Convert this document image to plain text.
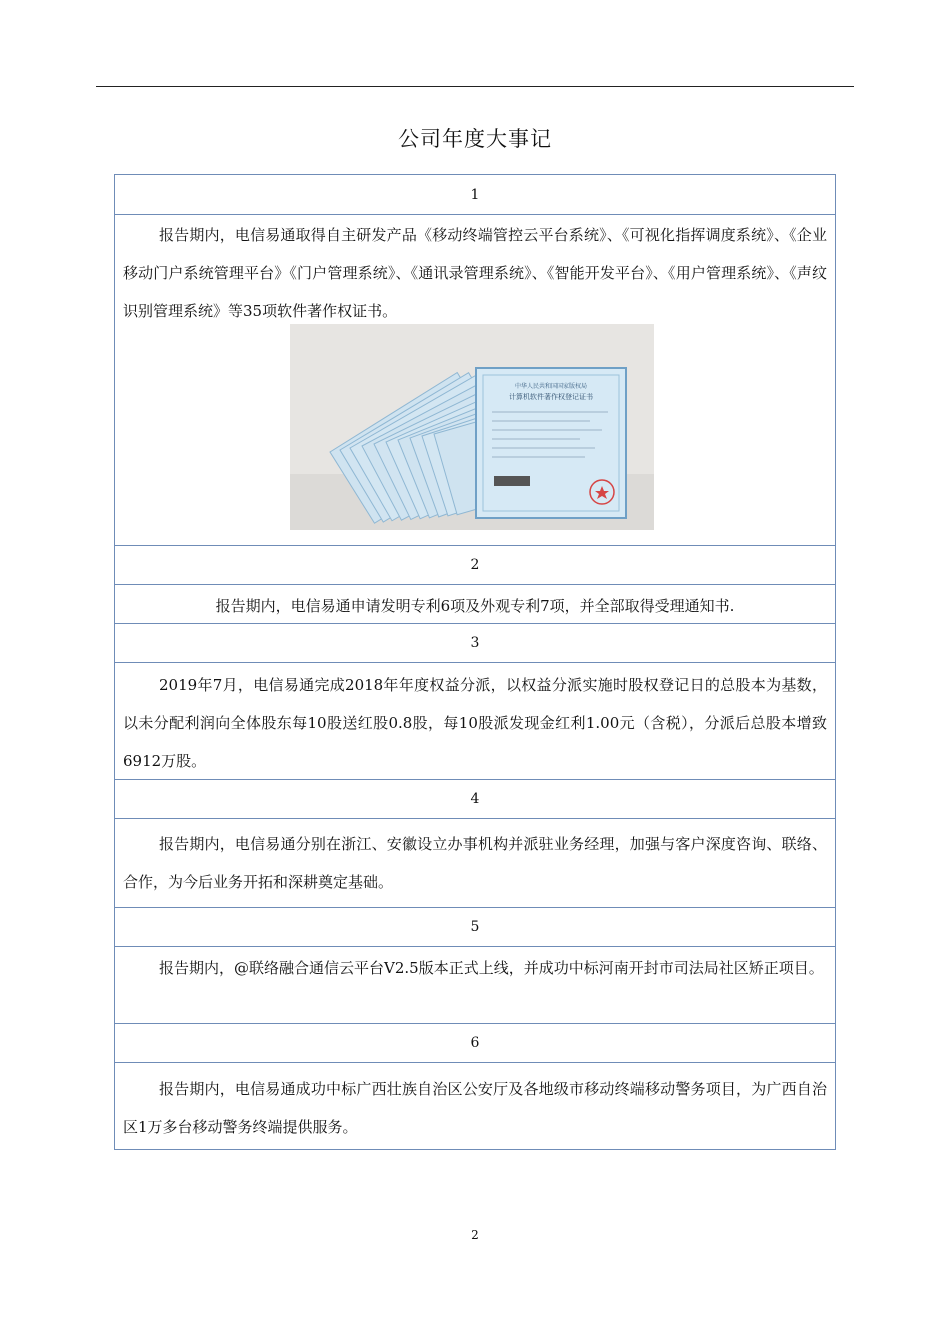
公司年度大事记
1
报告期内，电信易通取得自主研发产品《移动终端管控云平台系统》、《可视化指挥调度系统》、《企业移动门户系统管理平台》《门户管理系统》、《通讯录管理系统》、《智能开发平台》、《用户管理系统》、《声纹识别管理系统》等35项软件著作权证书。
中华人民共和国国家版权局
计算机软件著作权登记证书
2
报告期内，电信易通申请发明专利6项及外观专利7项，并全部取得受理通知书.
3
2019年7月，电信易通完成2018年年度权益分派，以权益分派实施时股权登记日的总股本为基数，以未分配利润向全体股东每10股送红股0.8股，每10股派发现金红利1.00元（含税），分派后总股本增致6912万股。
4
报告期内，电信易通分别在浙江、安徽设立办事机构并派驻业务经理，加强与客户深度咨询、联络、合作，为今后业务开拓和深耕奠定基础。
5
报告期内，@联络融合通信云平台V2.5版本正式上线，并成功中标河南开封市司法局社区矫正项目。
6
报告期内，电信易通成功中标广西壮族自治区公安厅及各地级市移动终端移动警务项目，为广西自治区1万多台移动警务终端提供服务。
2
